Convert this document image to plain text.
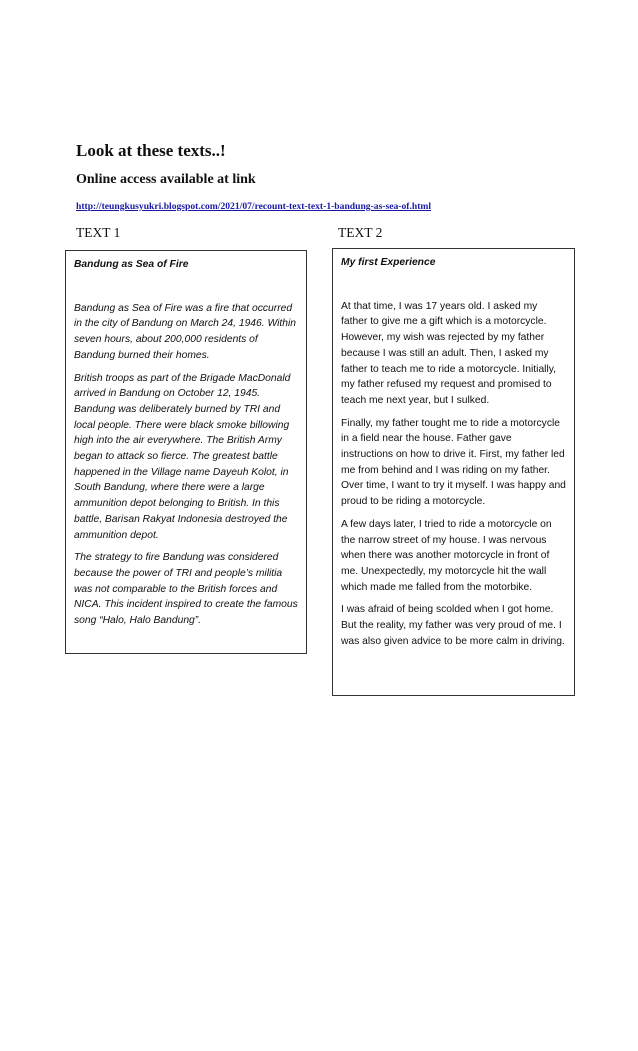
Look at these texts..!
Online access available at link
http://teungkusyukri.blogspot.com/2021/07/recount-text-text-1-bandung-as-sea-of.html
TEXT 1	TEXT 2
Bandung as Sea of Fire

Bandung as Sea of Fire was a fire that occurred in the city of Bandung on March 24, 1946. Within seven hours, about 200,000 residents of Bandung burned their homes.

British troops as part of the Brigade MacDonald arrived in Bandung on October 12, 1945. Bandung was deliberately burned by TRI and local people. There were black smoke billowing high into the air everywhere. The British Army began to attack so fierce. The greatest battle happened in the Village name Dayeuh Kolot, in South Bandung, where there were a large ammunition depot belonging to British. In this battle, Barisan Rakyat Indonesia destroyed the ammunition depot.

The strategy to fire Bandung was considered because the power of TRI and people’s militia was not comparable to the British forces and NICA. This incident inspired to create the famous song “Halo, Halo Bandung”.

My first Experience

At that time, I was 17 years old. I asked my father to give me a gift which is a motorcycle. However, my wish was rejected by my father because I was still an adult. Then, I asked my father to teach me to ride a motorcycle. Initially, my father refused my request and promised to teach me next year, but I sulked.

Finally, my father tought me to ride a motorcycle in a field near the house. Father gave instructions on how to drive it. First, my father led me from behind and I was riding on my father. Over time, I want to try it myself. I was happy and proud to be riding a motorcycle.

A few days later, I tried to ride a motorcycle on the narrow street of my house. I was nervous when there was another motorcycle in front of me. Unexpectedly, my motorcycle hit the wall which made me falled from the motorbike.

I was afraid of being scolded when I got home. But the reality, my father was very proud of me. I was also given advice to be more calm in driving.
